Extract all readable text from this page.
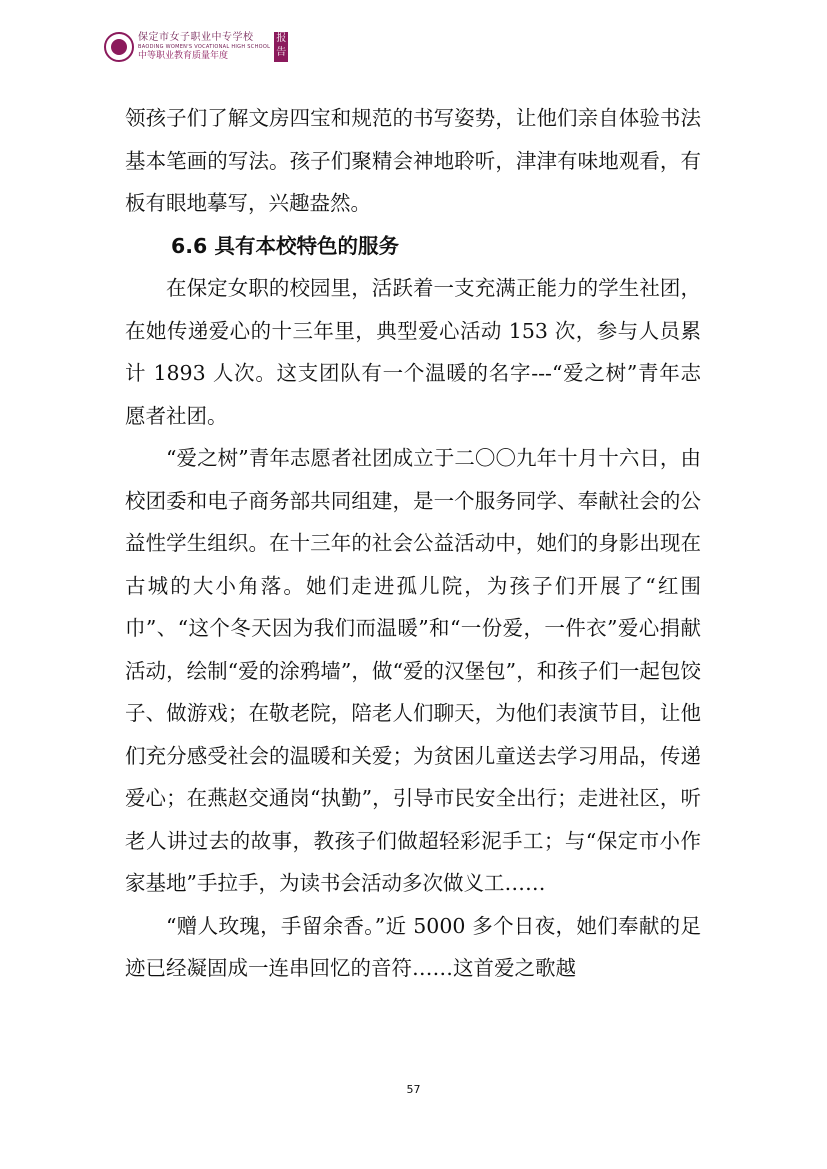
保定市女子职业中专学校
BAODING WOMEN'S VOCATIONAL HIGH SCHOOL
中等职业教育质量年度
报告

领孩子们了解文房四宝和规范的书写姿势，让他们亲自体验书法基本笔画的写法。孩子们聚精会神地聆听，津津有味地观看，有板有眼地摹写，兴趣盎然。

6.6 具有本校特色的服务

在保定女职的校园里，活跃着一支充满正能力的学生社团，在她传递爱心的十三年里，典型爱心活动 153 次，参与人员累计 1893 人次。这支团队有一个温暖的名字---“爱之树”青年志愿者社团。

“爱之树”青年志愿者社团成立于二〇〇九年十月十六日，由校团委和电子商务部共同组建，是一个服务同学、奉献社会的公益性学生组织。在十三年的社会公益活动中，她们的身影出现在古城的大小角落。她们走进孤儿院，为孩子们开展了“红围巾”、“这个冬天因为我们而温暖”和“一份爱，一件衣”爱心捐献活动，绘制“爱的涂鸦墙”，做“爱的汉堡包”，和孩子们一起包饺子、做游戏；在敬老院，陪老人们聊天，为他们表演节目，让他们充分感受社会的温暖和关爱；为贫困儿童送去学习用品，传递爱心；在燕赵交通岗“执勤”，引导市民安全出行；走进社区，听老人讲过去的故事，教孩子们做超轻彩泥手工；与“保定市小作家基地”手拉手，为读书会活动多次做义工……

“赠人玫瑰，手留余香。”近 5000 多个日夜，她们奉献的足迹已经凝固成一连串回忆的音符……这首爱之歌越

57
